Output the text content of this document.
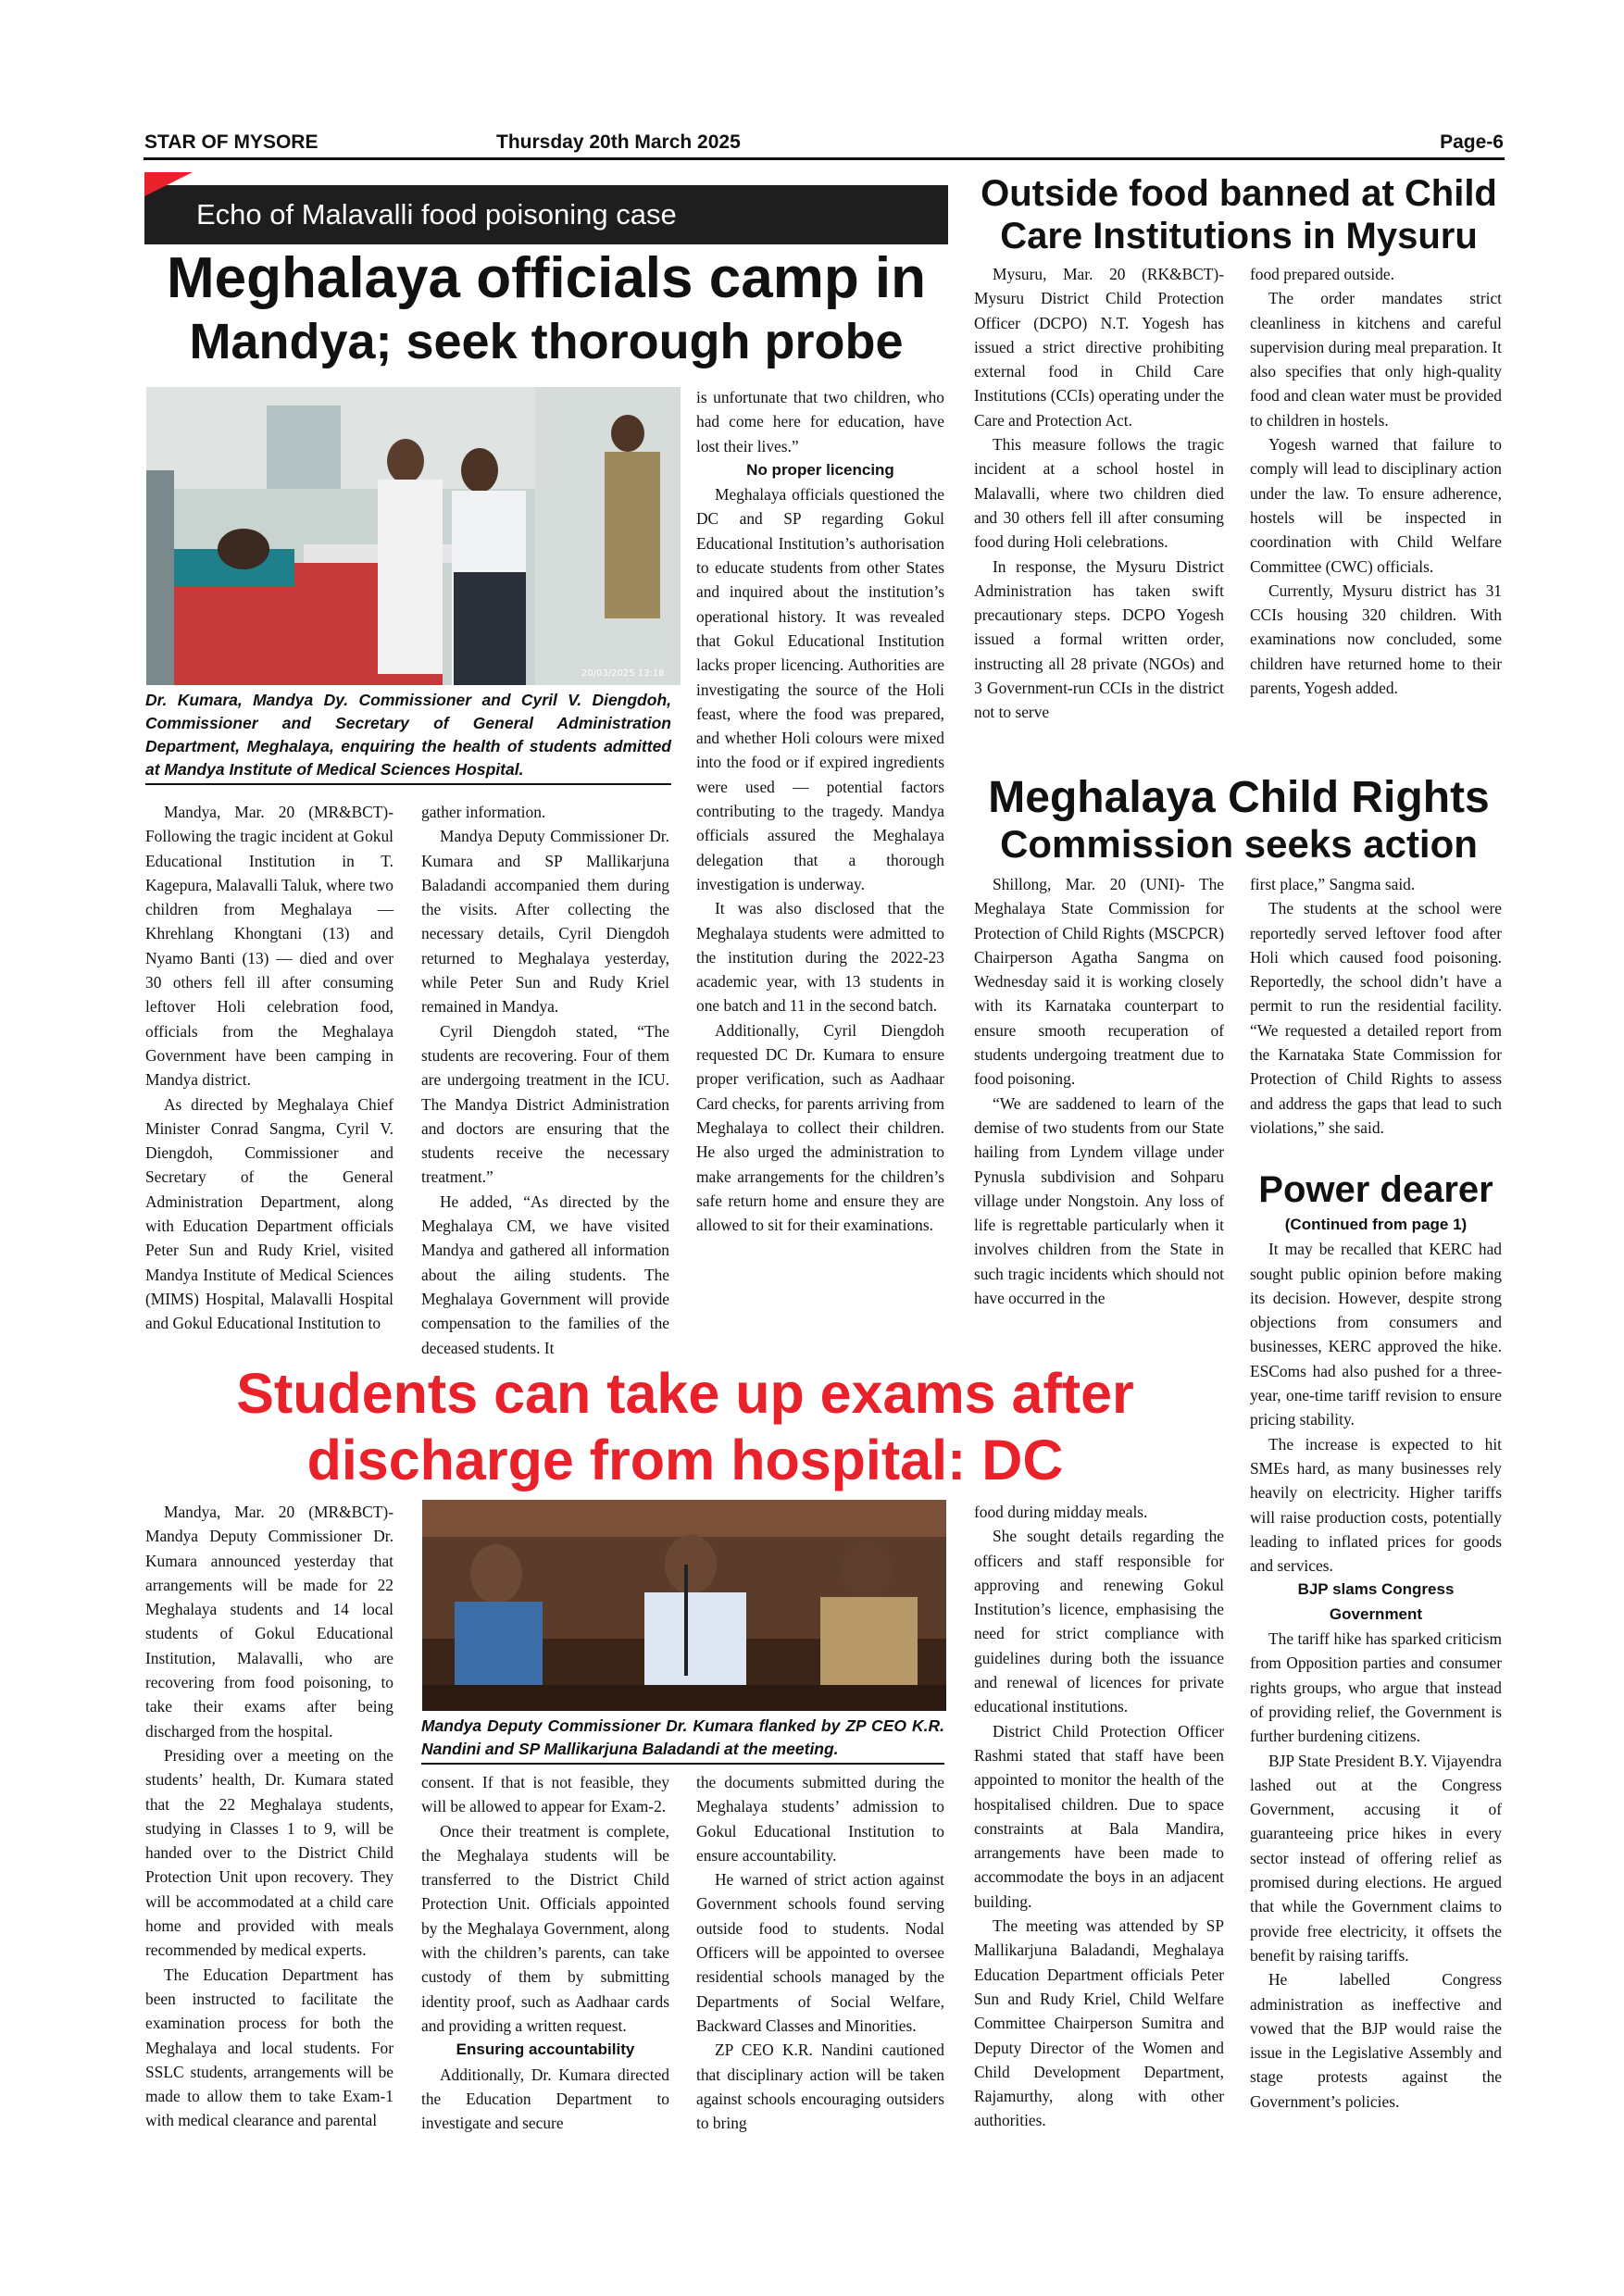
STAR OF MYSORE	Thursday 20th March 2025	Page-6
Echo of Malavalli food poisoning case
Meghalaya officials camp in
Mandya; seek thorough probe
20/03/2025 13:18
Dr. Kumara, Mandya Dy. Commissioner and Cyril V. Diengdoh, Commissioner and Secretary of General Administration Department, Meghalaya, enquiring the health of students admitted at Mandya Institute of Medical Sciences Hospital.

Mandya, Mar. 20 (MR&BCT)- Following the tragic incident at Gokul Educational Institution in T. Kagepura, Malavalli Taluk, where two children from Meghalaya — Khrehlang Khongtani (13) and Nyamo Banti (13) — died and over 30 others fell ill after consuming leftover Holi celebration food, officials from the Meghalaya Government have been camping in Mandya district.

As directed by Meghalaya Chief Minister Conrad Sangma, Cyril V. Diengdoh, Commissioner and Secretary of the General Administration Department, along with Education Department officials Peter Sun and Rudy Kriel, visited Mandya Institute of Medical Sciences (MIMS) Hospital, Malavalli Hospital and Gokul Educational Institution to

gather information.

Mandya Deputy Commissioner Dr. Kumara and SP Mallikarjuna Baladandi accompanied them during the visits. After collecting the necessary details, Cyril Diengdoh returned to Meghalaya yesterday, while Peter Sun and Rudy Kriel remained in Mandya.

Cyril Diengdoh stated, “The students are recovering. Four of them are undergoing treatment in the ICU. The Mandya District Administration and doctors are ensuring that the students receive the necessary treatment.”

He added, “As directed by the Meghalaya CM, we have visited Mandya and gathered all information about the ailing students. The Meghalaya Government will provide compensation to the families of the deceased students. It

is unfortunate that two children, who had come here for education, have lost their lives.”

No proper licencing

Meghalaya officials questioned the DC and SP regarding Gokul Educational Institution’s authorisation to educate students from other States and inquired about the institution’s operational history. It was revealed that Gokul Educational Institution lacks proper licencing. Authorities are investigating the source of the Holi feast, where the food was prepared, and whether Holi colours were mixed into the food or if expired ingredients were used — potential factors contributing to the tragedy. Mandya officials assured the Meghalaya delegation that a thorough investigation is underway.

It was also disclosed that the Meghalaya students were admitted to the institution during the 2022-23 academic year, with 13 students in one batch and 11 in the second batch.

Additionally, Cyril Diengdoh requested DC Dr. Kumara to ensure proper verification, such as Aadhaar Card checks, for parents arriving from Meghalaya to collect their children. He also urged the administration to make arrangements for the children’s safe return home and ensure they are allowed to sit for their examinations.

Outside food banned at Child
Care Institutions in Mysuru

Mysuru, Mar. 20 (RK&BCT)- Mysuru District Child Protection Officer (DCPO) N.T. Yogesh has issued a strict directive prohibiting external food in Child Care Institutions (CCIs) operating under the Care and Protection Act.

This measure follows the tragic incident at a school hostel in Malavalli, where two children died and 30 others fell ill after consuming food during Holi celebrations.

In response, the Mysuru District Administration has taken swift precautionary steps. DCPO Yogesh issued a formal written order, instructing all 28 private (NGOs) and 3 Government-run CCIs in the district not to serve

food prepared outside.

The order mandates strict cleanliness in kitchens and careful supervision during meal preparation. It also specifies that only high-quality food and clean water must be provided to children in hostels.

Yogesh warned that failure to comply will lead to disciplinary action under the law. To ensure adherence, hostels will be inspected in coordination with Child Welfare Committee (CWC) officials.

Currently, Mysuru district has 31 CCIs housing 320 children. With examinations now concluded, some children have returned home to their parents, Yogesh added.

Meghalaya Child Rights
Commission seeks action

Shillong, Mar. 20 (UNI)- The Meghalaya State Commission for Protection of Child Rights (MSCPCR) Chairperson Agatha Sangma on Wednesday said it is working closely with its Karnataka counterpart to ensure smooth recuperation of students undergoing treatment due to food poisoning.

“We are saddened to learn of the demise of two students from our State hailing from Lyndem village under Pynusla subdivision and Sohparu village under Nongstoin. Any loss of life is regrettable particularly when it involves children from the State in such tragic incidents which should not have occurred in the

first place,” Sangma said.

The students at the school were reportedly served leftover food after Holi which caused food poisoning. Reportedly, the school didn’t have a permit to run the residential facility. “We requested a detailed report from the Karnataka State Commission for Protection of Child Rights to assess and address the gaps that lead to such violations,” she said.

Power dearer

(Continued from page 1)

It may be recalled that KERC had sought public opinion before making its decision. However, despite strong objections from consumers and businesses, KERC approved the hike. ESComs had also pushed for a three-year, one-time tariff revision to ensure pricing stability.

The increase is expected to hit SMEs hard, as many businesses rely heavily on electricity. Higher tariffs will raise production costs, potentially leading to inflated prices for goods and services.

BJP slams Congress Government

The tariff hike has sparked criticism from Opposition parties and consumer rights groups, who argue that instead of providing relief, the Government is further burdening citizens.

BJP State President B.Y. Vijayendra lashed out at the Congress Government, accusing it of guaranteeing price hikes in every sector instead of offering relief as promised during elections. He argued that while the Government claims to provide free electricity, it offsets the benefit by raising tariffs.

He labelled Congress administration as ineffective and vowed that the BJP would raise the issue in the Legislative Assembly and stage protests against the Government’s policies.

Students can take up exams after
discharge from hospital: DC

Mandya, Mar. 20 (MR&BCT)- Mandya Deputy Commissioner Dr. Kumara announced yesterday that arrangements will be made for 22 Meghalaya students and 14 local students of Gokul Educational Institution, Malavalli, who are recovering from food poisoning, to take their exams after being discharged from the hospital.

Presiding over a meeting on the students’ health, Dr. Kumara stated that the 22 Meghalaya students, studying in Classes 1 to 9, will be handed over to the District Child Protection Unit upon recovery. They will be accommodated at a child care home and provided with meals recommended by medical experts.

The Education Department has been instructed to facilitate the examination process for both the Meghalaya and local students. For SSLC students, arrangements will be made to allow them to take Exam-1 with medical clearance and parental

Mandya Deputy Commissioner Dr. Kumara flanked by ZP CEO K.R. Nandini and SP Mallikarjuna Baladandi at the meeting.

consent. If that is not feasible, they will be allowed to appear for Exam-2.

Once their treatment is complete, the Meghalaya students will be transferred to the District Child Protection Unit. Officials appointed by the Meghalaya Government, along with the children’s parents, can take custody of them by submitting identity proof, such as Aadhaar cards and providing a written request.

Ensuring accountability

Additionally, Dr. Kumara directed the Education Department to investigate and secure

the documents submitted during the Meghalaya students’ admission to Gokul Educational Institution to ensure accountability.

He warned of strict action against Government schools found serving outside food to students. Nodal Officers will be appointed to oversee residential schools managed by the Departments of Social Welfare, Backward Classes and Minorities.

ZP CEO K.R. Nandini cautioned that disciplinary action will be taken against schools encouraging outsiders to bring

food during midday meals.

She sought details regarding the officers and staff responsible for approving and renewing Gokul Institution’s licence, emphasising the need for strict compliance with guidelines during both the issuance and renewal of licences for private educational institutions.

District Child Protection Officer Rashmi stated that staff have been appointed to monitor the health of the hospitalised children. Due to space constraints at Bala Mandira, arrangements have been made to accommodate the boys in an adjacent building.

The meeting was attended by SP Mallikarjuna Baladandi, Meghalaya Education Department officials Peter Sun and Rudy Kriel, Child Welfare Committee Chairperson Sumitra and Deputy Director of the Women and Child Development Department, Rajamurthy, along with other authorities.
